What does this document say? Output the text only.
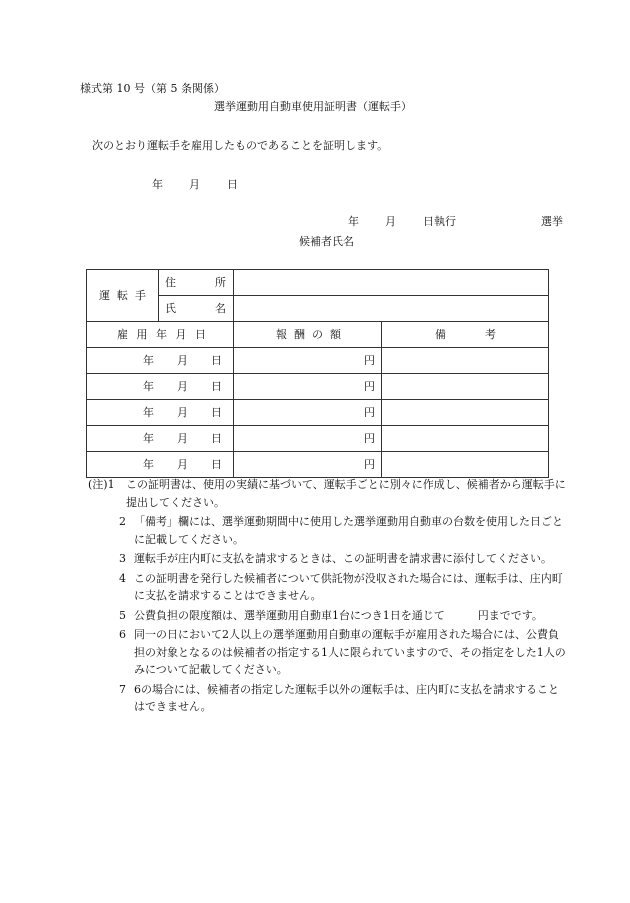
様式第 10 号（第 5 条関係）
選挙運動用自動車使用証明書（運転手）
次のとおり運転手を雇用したものであることを証明します。
年 月 日
年 月 日執行	選挙
候補者氏名
運 転 手	住 所		

	氏 名		

雇 用 年 月 日		報 酬 の 額	備 考

年 月 日		円	

年 月 日		円	

年 月 日		円	

年 月 日		円	

年 月 日		円	

(注)1	この証明書は、使用の実績に基づいて、運転手ごとに別々に作成し、候補者から運転手に提出してください。
2 「備考」欄には、選挙運動期間中に使用した選挙運動用自動車の台数を使用した日ごとに記載してください。
3 運転手が庄内町に支払を請求するときは、この証明書を請求書に添付してください。
4 この証明書を発行した候補者について供託物が没収された場合には、運転手は、庄内町に支払を請求することはできません。
5 公費負担の限度額は、選挙運動用自動車1台につき1日を通じて　　　円までです。
6 同一の日において2人以上の選挙運動用自動車の運転手が雇用された場合には、公費負担の対象となるのは候補者の指定する1人に限られていますので、その指定をした1人のみについて記載してください。
7 6の場合には、候補者の指定した運転手以外の運転手は、庄内町に支払を請求することはできません。
